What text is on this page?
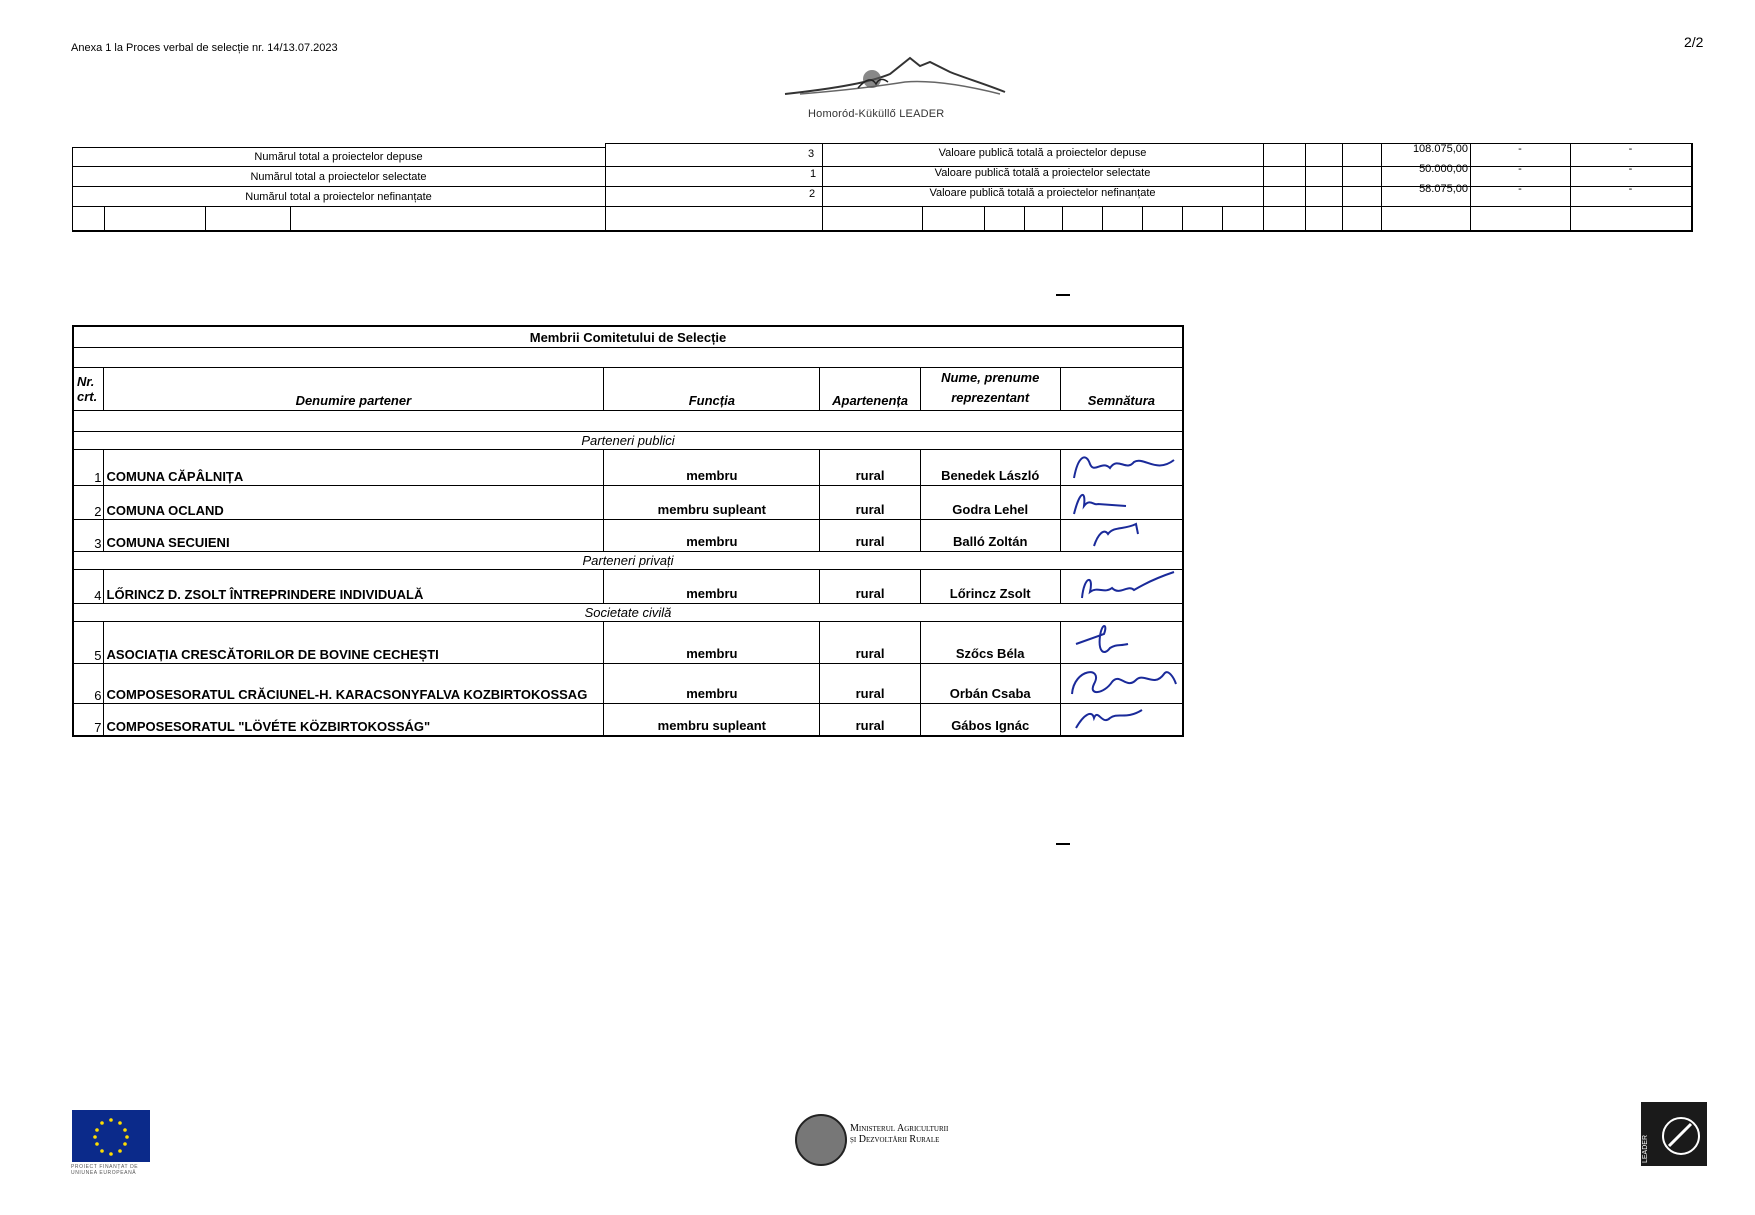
Anexa 1 la Proces verbal de selecție nr. 14/13.07.2023	2/2
Homoród-Küküllő LEADER
Numărul total a proiectelor depuse	3	Valoare publică totală a proiectelor depuse	108.075,00	-	-
Numărul total a proiectelor selectate	1	Valoare publică totală a proiectelor selectate	50.000,00	-	-
Numărul total a proiectelor nefinanțate	2	Valoare publică totală a proiectelor nefinanțate	58.075,00	-	-
Membrii Comitetului de Selecție					

Nr. crt.	Denumire partener	Funcția	Apartenența	Nume, prenume reprezentant	Semnătura

Parteneri publici					
1	COMUNA CĂPÂLNIȚA	membru	rural	Benedek László	
2	COMUNA OCLAND	membru supleant	rural	Godra Lehel	
3	COMUNA SECUIENI	membru	rural	Balló Zoltán	
Parteneri privați					
4	LŐRINCZ D. ZSOLT ÎNTREPRINDERE INDIVIDUALĂ	membru	rural	Lőrincz Zsolt	
Societate civilă					
5	ASOCIAȚIA CRESCĂTORILOR DE BOVINE CECHEȘTI	membru	rural	Szőcs Béla	
6	COMPOSESORATUL CRĂCIUNEL-H. KARACSONYFALVA KOZBIRTOKOSSAG	membru	rural	Orbán Csaba	
7	COMPOSESORATUL "LÖVÉTE KÖZBIRTOKOSSÁG"	membru supleant	rural	Gábos Ignác	
PROIECT FINANȚAT DE UNIUNEA EUROPEANĂ
Ministerul Agriculturii
și Dezvoltării Rurale	LEADER
